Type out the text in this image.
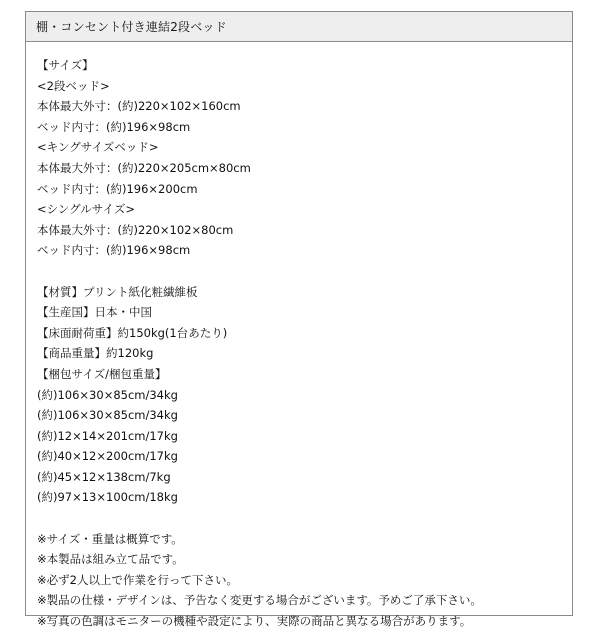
棚・コンセント付き連結2段ベッド
【サイズ】
<2段ベッド>
本体最大外寸：(約)220×102×160cm
ベッド内寸：(約)196×98cm
<キングサイズベッド>
本体最大外寸：(約)220×205cm×80cm
ベッド内寸：(約)196×200cm
<シングルサイズ>
本体最大外寸：(約)220×102×80cm
ベッド内寸：(約)196×98cm
【材質】プリント紙化粧繊維板
【生産国】日本・中国
【床面耐荷重】約150kg(1台あたり)
【商品重量】約120kg
【梱包サイズ/梱包重量】
(約)106×30×85cm/34kg
(約)106×30×85cm/34kg
(約)12×14×201cm/17kg
(約)40×12×200cm/17kg
(約)45×12×138cm/7kg
(約)97×13×100cm/18kg
※サイズ・重量は概算です。
※本製品は組み立て品です。
※必ず2人以上で作業を行って下さい。
※製品の仕様・デザインは、予告なく変更する場合がございます。予めご了承下さい。
※写真の色調はモニターの機種や設定により、実際の商品と異なる場合があります。
